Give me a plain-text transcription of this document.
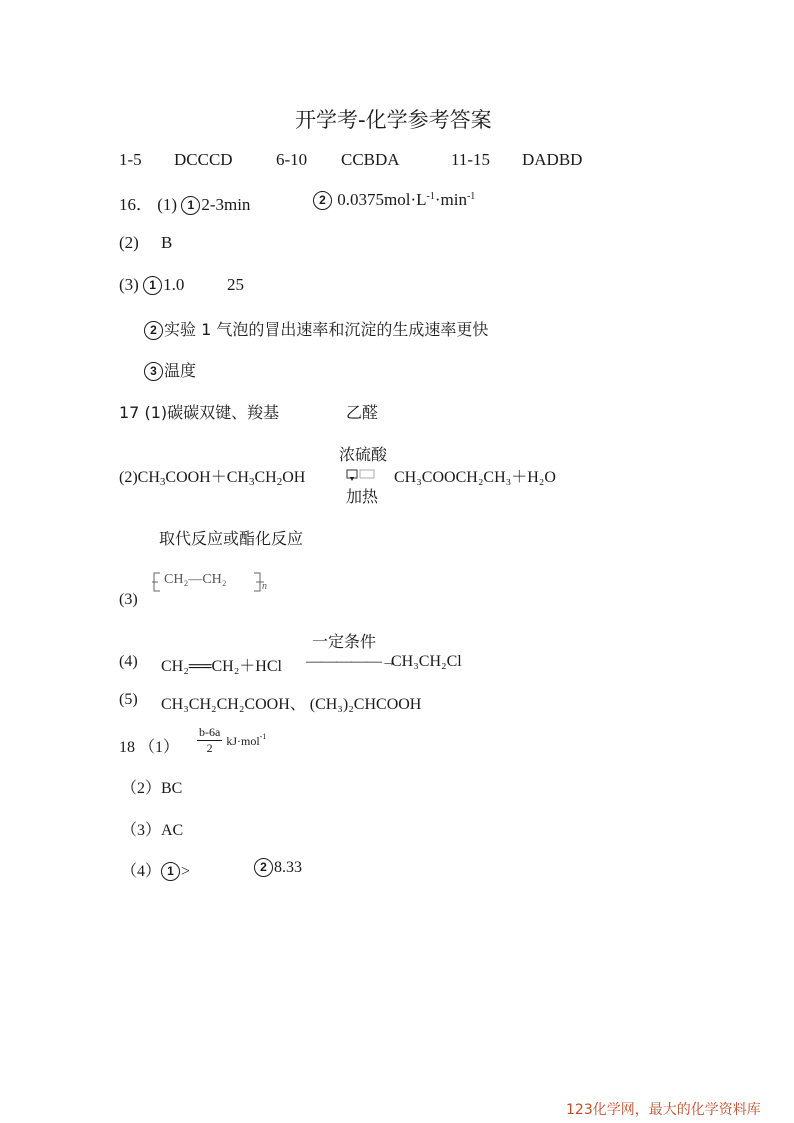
开学考-化学参考答案
1-5 DCCCD	6-10 CCBDA	11-15 DADBD
16． (1) 1 2-3min	2 $0.0375mol\cdot L^{-1}\cdot\min^{-1}$
(2) B
(3) 1 1.0	25
2 实验 1 气泡的冒出速率和沉淀的生成速率更快
3 温度
17 (1)碳碳双键、羧基	乙醛
浓硫酸
$(2)CH_3COOH+CH_3CH_2OH$	CH₃COOCH₂CH₃＋H₂O
加热
取代反应或酯化反应
(3)
CH₂—CH₂	n
一定条件
(4) CH₂══CH₂＋HCl —————→
CH₃CH₂Cl
(5) CH₃CH₂CH₂COOH、 (CH₃)₂CHCOOH
18 $(1) \frac{b-6a}{2} kJ\cdot mol^{-1}$
（2）BC
（3）AC
（4） 1 >	2 8.33
123化学网，最大的化学资料库
